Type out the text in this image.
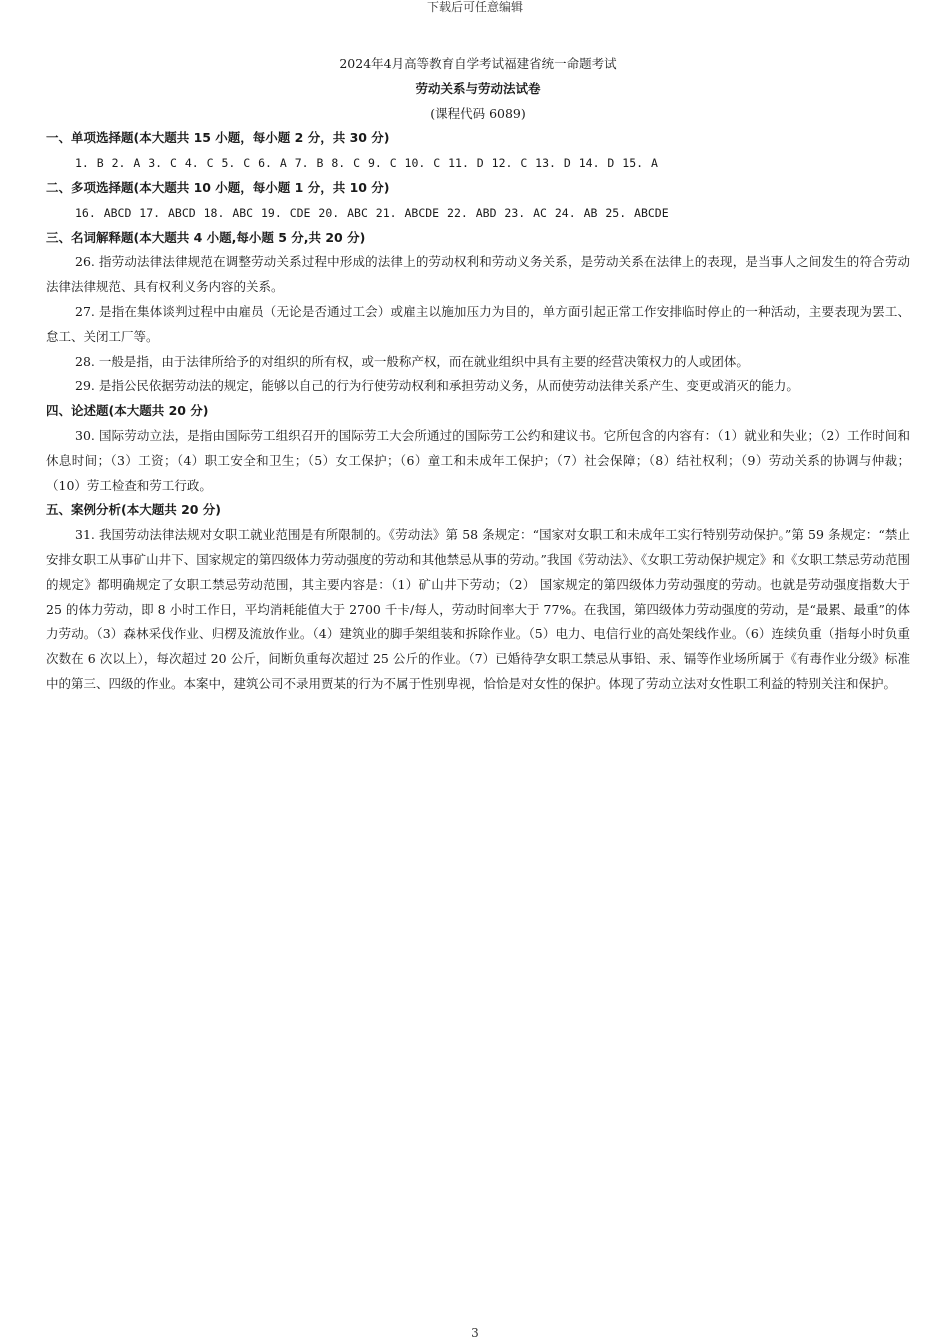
下载后可任意编辑
2024年4月高等教育自学考试福建省统一命题考试
劳动关系与劳动法试卷
(课程代码 6089)
一、单项选择题(本大题共 15 小题，每小题 2 分，共 30 分)
1. B 2. A 3. C 4. C 5. C 6. A 7. B 8. C 9. C 10. C 11. D 12. C 13. D 14. D 15. A
二、多项选择题(本大题共 10 小题，每小题 1 分，共 10 分)
16. ABCD 17. ABCD 18. ABC 19. CDE 20. ABC 21. ABCDE 22. ABD 23. AC 24. AB 25. ABCDE
三、名词解释题(本大题共 4 小题,每小题 5 分,共 20 分)

26. 指劳动法律法律规范在调整劳动关系过程中形成的法律上的劳动权利和劳动义务关系，是劳动关系在法律上的表现，是当事人之间发生的符合劳动法律法律规范、具有权利义务内容的关系。

27. 是指在集体谈判过程中由雇员（无论是否通过工会）或雇主以施加压力为目的，单方面引起正常工作安排临时停止的一种活动，主要表现为罢工、怠工、关闭工厂等。

28. 一般是指，由于法律所给予的对组织的所有权，或一般称产权，而在就业组织中具有主要的经营决策权力的人或团体。

29. 是指公民依据劳动法的规定，能够以自己的行为行使劳动权利和承担劳动义务，从而使劳动法律关系产生、变更或消灭的能力。

四、论述题(本大题共 20 分)

30. 国际劳动立法，是指由国际劳工组织召开的国际劳工大会所通过的国际劳工公约和建议书。它所包含的内容有：（1）就业和失业；（2）工作时间和休息时间；（3）工资；（4）职工安全和卫生；（5）女工保护；（6）童工和未成年工保护；（7）社会保障；（8）结社权利；（9）劳动关系的协调与仲裁；（10）劳工检查和劳工行政。

五、案例分析(本大题共 20 分)

31. 我国劳动法律法规对女职工就业范围是有所限制的。《劳动法》第 58 条规定：“国家对女职工和未成年工实行特别劳动保护。”第 59 条规定：“禁止安排女职工从事矿山井下、国家规定的第四级体力劳动强度的劳动和其他禁忌从事的劳动。”我国《劳动法》、《女职工劳动保护规定》和《女职工禁忌劳动范围的规定》都明确规定了女职工禁忌劳动范围，其主要内容是：（1）矿山井下劳动；（2） 国家规定的第四级体力劳动强度的劳动。也就是劳动强度指数大于 25 的体力劳动，即 8 小时工作日，平均消耗能值大于 2700 千卡/每人，劳动时间率大于 77%。在我国，第四级体力劳动强度的劳动，是“最累、最重”的体力劳动。（3）森林采伐作业、归楞及流放作业。（4）建筑业的脚手架组装和拆除作业。（5）电力、电信行业的高处架线作业。（6）连续负重（指每小时负重次数在 6 次以上），每次超过 20 公斤，间断负重每次超过 25 公斤的作业。（7）已婚待孕女职工禁忌从事铅、汞、镉等作业场所属于《有毒作业分级》标准中的第三、四级的作业。本案中，建筑公司不录用贾某的行为不属于性别卑视，恰恰是对女性的保护。体现了劳动立法对女性职工利益的特别关注和保护。

3
